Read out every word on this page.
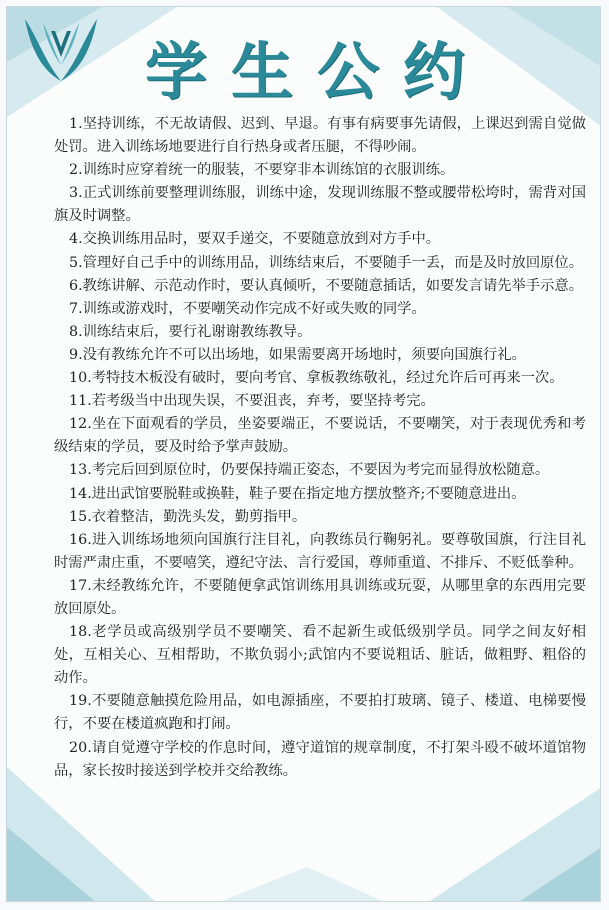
学生公约
1.坚持训练，不无故请假、迟到、早退。有事有病要事先请假，上课迟到需自觉做处罚。进入训练场地要进行自行热身或者压腿，不得吵闹。
2.训练时应穿着统一的服装，不要穿非本训练馆的衣服训练。
3.正式训练前要整理训练服，训练中途，发现训练服不整或腰带松垮时，需背对国旗及时调整。
4.交换训练用品时，要双手递交，不要随意放到对方手中。
5.管理好自己手中的训练用品，训练结束后，不要随手一丢，而是及时放回原位。
6.教练讲解、示范动作时，要认真倾听，不要随意插话，如要发言请先举手示意。
7.训练或游戏时，不要嘲笑动作完成不好或失败的同学。
8.训练结束后，要行礼谢谢教练教导。
9.没有教练允许不可以出场地，如果需要离开场地时，须要向国旗行礼。
10.考特技木板没有破时，要向考官、拿板教练敬礼，经过允许后可再来一次。
11.若考级当中出现失误，不要沮丧，弃考，要坚持考完。
12.坐在下面观看的学员，坐姿要端正，不要说话，不要嘲笑，对于表现优秀和考级结束的学员，要及时给予掌声鼓励。
13.考完后回到原位时，仍要保持端正姿态，不要因为考完而显得放松随意。
14.进出武馆要脱鞋或换鞋，鞋子要在指定地方摆放整齐;不要随意进出。
15.衣着整洁，勤洗头发，勤剪指甲。
16.进入训练场地须向国旗行注目礼，向教练员行鞠躬礼。要尊敬国旗，行注目礼时需严肃庄重，不要嘻笑，遵纪守法、言行爱国，尊师重道、不排斥、不贬低拳种。
17.未经教练允许，不要随便拿武馆训练用具训练或玩耍，从哪里拿的东西用完要放回原处。
18.老学员或高级别学员不要嘲笑、看不起新生或低级别学员。同学之间友好相处，互相关心、互相帮助，不欺负弱小;武馆内不要说粗话、脏话，做粗野、粗俗的动作。
19.不要随意触摸危险用品，如电源插座，不要拍打玻璃、镜子、楼道、电梯要慢行，不要在楼道疯跑和打闹。
20.请自觉遵守学校的作息时间，遵守道馆的规章制度，不打架斗殴不破坏道馆物品，家长按时接送到学校并交给教练。
